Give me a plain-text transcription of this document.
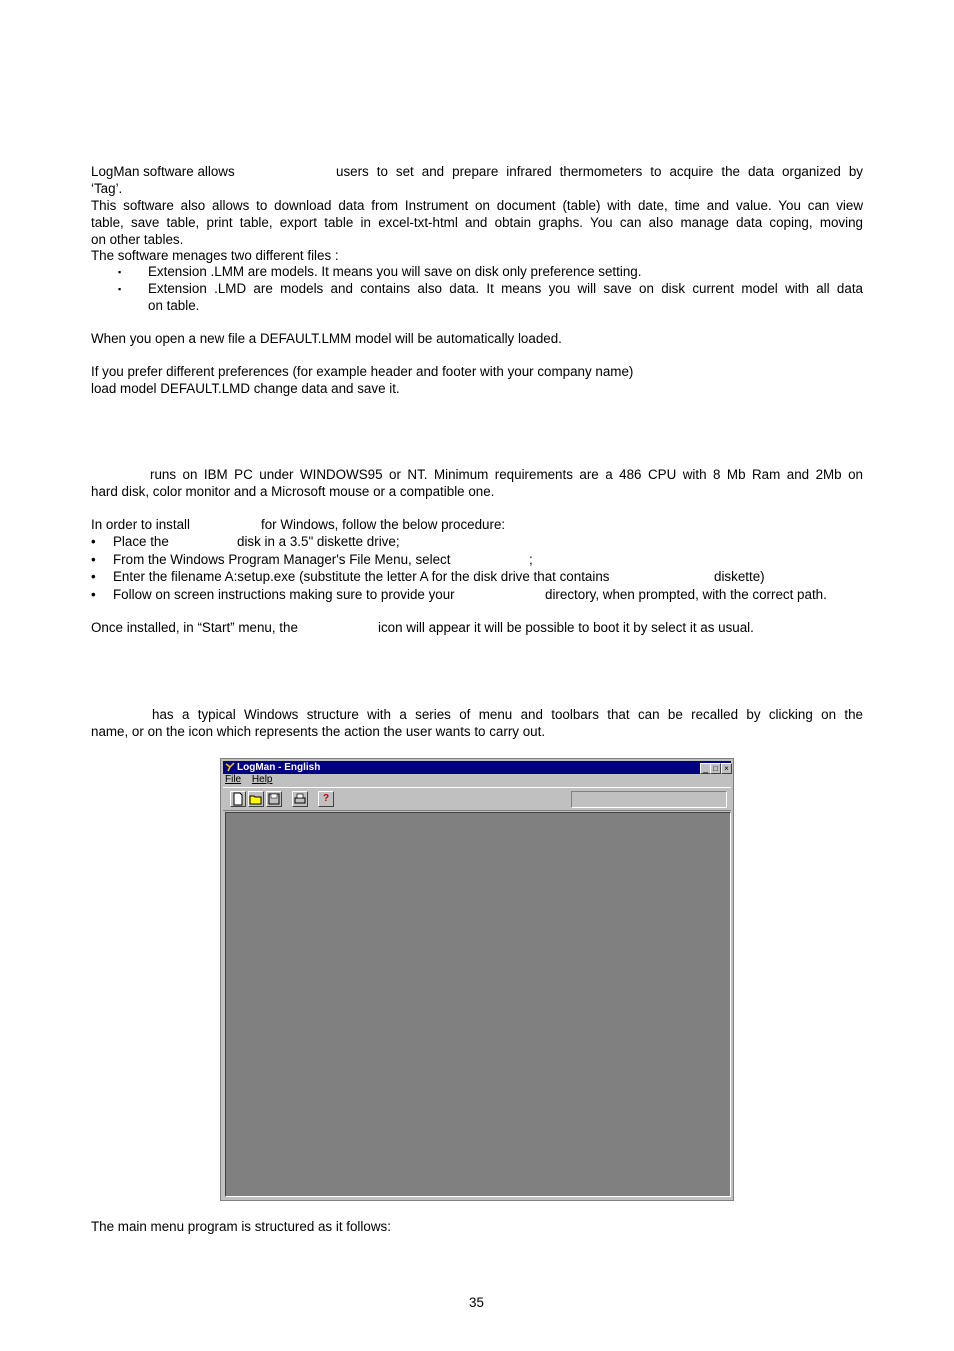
LogMan software allows	users to set and prepare infrared thermometers to acquire the data organized by
‘Tag’.
This software also allows to download data from Instrument on document (table) with date, time and value. You can view
table, save table, print table, export table in excel-txt-html and obtain graphs. You can also manage data coping, moving
on other tables.
The software menages two different files :
▪ Extension .LMM are models. It means you will save on disk only preference setting.
▪ Extension .LMD are models and contains also data. It means you will save on disk current model with all data
on table.
When you open a new file a DEFAULT.LMM model will be automatically loaded.
If you prefer different preferences (for example header and footer with your company name)
load model DEFAULT.LMD change data and save it.
runs on IBM PC under WINDOWS95 or NT. Minimum requirements are a 486 CPU with 8 Mb Ram and 2Mb on
hard disk, color monitor and a Microsoft mouse or a compatible one.
In order to install	for Windows, follow the below procedure:
• Place the	disk in a 3.5" diskette drive;
• From the Windows Program Manager's File Menu, select	;
• Enter the filename A:setup.exe (substitute the letter A for the disk drive that contains	diskette)
• Follow on screen instructions making sure to provide your	directory, when prompted, with the correct path.
Once installed, in “Start” menu, the	icon will appear it will be possible to boot it by select it as usual.
has a typical Windows structure with a series of menu and toolbars that can be recalled by clicking on the
name, or on the icon which represents the action the user wants to carry out.
LogMan - English	_ □ ×
File Help
?
The main menu program is structured as it follows:
35
